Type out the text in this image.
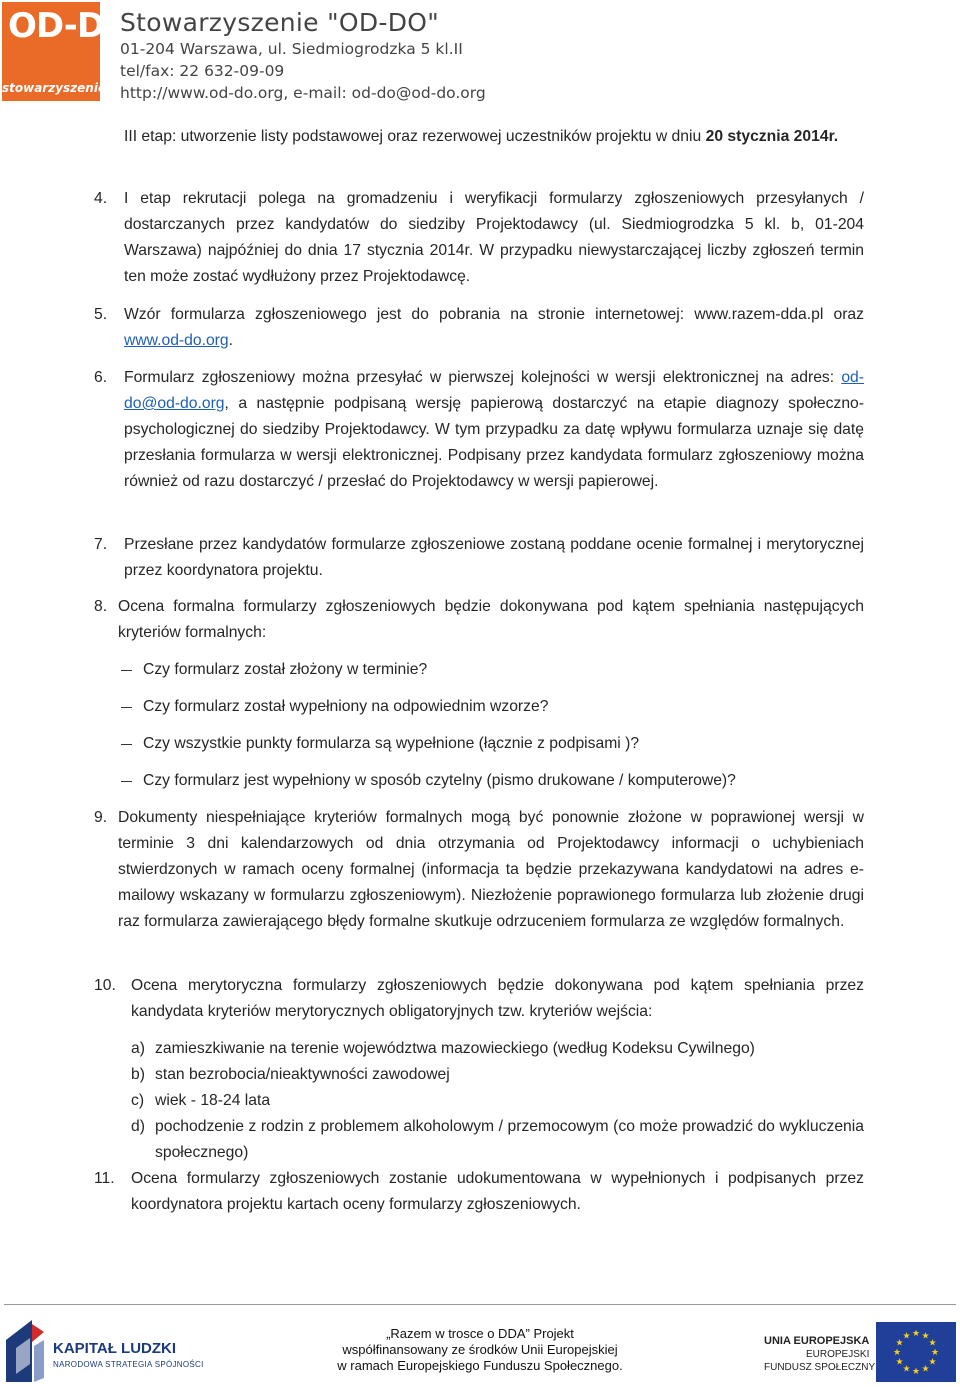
OD-DO
stowarzyszenie
Stowarzyszenie "OD-DO"
01-204 Warszawa, ul. Siedmiogrodzka 5 kl.II
tel/fax: 22 632-09-09
http://www.od-do.org, e-mail: od-do@od-do.org
III etap: utworzenie listy podstawowej oraz rezerwowej uczestników projektu w dniu 20 stycznia 2014r.
4. I etap rekrutacji polega na gromadzeniu i weryfikacji formularzy zgłoszeniowych przesyłanych / dostarczanych przez kandydatów do siedziby Projektodawcy (ul. Siedmiogrodzka 5 kl. b, 01-204 Warszawa) najpóźniej do dnia 17 stycznia 2014r. W przypadku niewystarczającej liczby zgłoszeń termin ten może zostać wydłużony przez Projektodawcę.
5. Wzór formularza zgłoszeniowego jest do pobrania na stronie internetowej: www.razem-dda.pl oraz www.od-do.org.
6. Formularz zgłoszeniowy można przesyłać w pierwszej kolejności w wersji elektronicznej na adres: od-do@od-do.org, a następnie podpisaną wersję papierową dostarczyć na etapie diagnozy społeczno-psychologicznej do siedziby Projektodawcy. W tym przypadku za datę wpływu formularza uznaje się datę przesłania formularza w wersji elektronicznej. Podpisany przez kandydata formularz zgłoszeniowy można również od razu dostarczyć / przesłać do Projektodawcy w wersji papierowej.
7. Przesłane przez kandydatów formularze zgłoszeniowe zostaną poddane ocenie formalnej i merytorycznej przez koordynatora projektu.
8. Ocena formalna formularzy zgłoszeniowych będzie dokonywana pod kątem spełniania następujących kryteriów formalnych:
Czy formularz został złożony w terminie?
Czy formularz został wypełniony na odpowiednim wzorze?
Czy wszystkie punkty formularza są wypełnione (łącznie z podpisami )?
Czy formularz jest wypełniony w sposób czytelny (pismo drukowane / komputerowe)?
9. Dokumenty niespełniające kryteriów formalnych mogą być ponownie złożone w poprawionej wersji w terminie 3 dni kalendarzowych od dnia otrzymania od Projektodawcy informacji o uchybieniach stwierdzonych w ramach oceny formalnej (informacja ta będzie przekazywana kandydatowi na adres e-mailowy wskazany w formularzu zgłoszeniowym). Niezłożenie poprawionego formularza lub złożenie drugi raz formularza zawierającego błędy formalne skutkuje odrzuceniem formularza ze względów formalnych.
10. Ocena merytoryczna formularzy zgłoszeniowych będzie dokonywana pod kątem spełniania przez kandydata kryteriów merytorycznych obligatoryjnych tzw. kryteriów wejścia:
a) zamieszkiwanie na terenie województwa mazowieckiego (według Kodeksu Cywilnego)
b) stan bezrobocia/nieaktywności zawodowej
c) wiek - 18-24 lata
d) pochodzenie z rodzin z problemem alkoholowym / przemocowym (co może prowadzić do wykluczenia społecznego)
11. Ocena formularzy zgłoszeniowych zostanie udokumentowana w wypełnionych i podpisanych przez koordynatora projektu kartach oceny formularzy zgłoszeniowych.
KAPITAŁ LUDZKI
NARODOWA STRATEGIA SPÓJNOŚCI
„Razem w trosce o DDA” Projekt
współfinansowany ze środków Unii Europejskiej
w ramach Europejskiego Funduszu Społecznego.
UNIA EUROPEJSKA
EUROPEJSKI
FUNDUSZ SPOŁECZNY
★ ★
★
★
★
★
★
★
★
★
★
★
